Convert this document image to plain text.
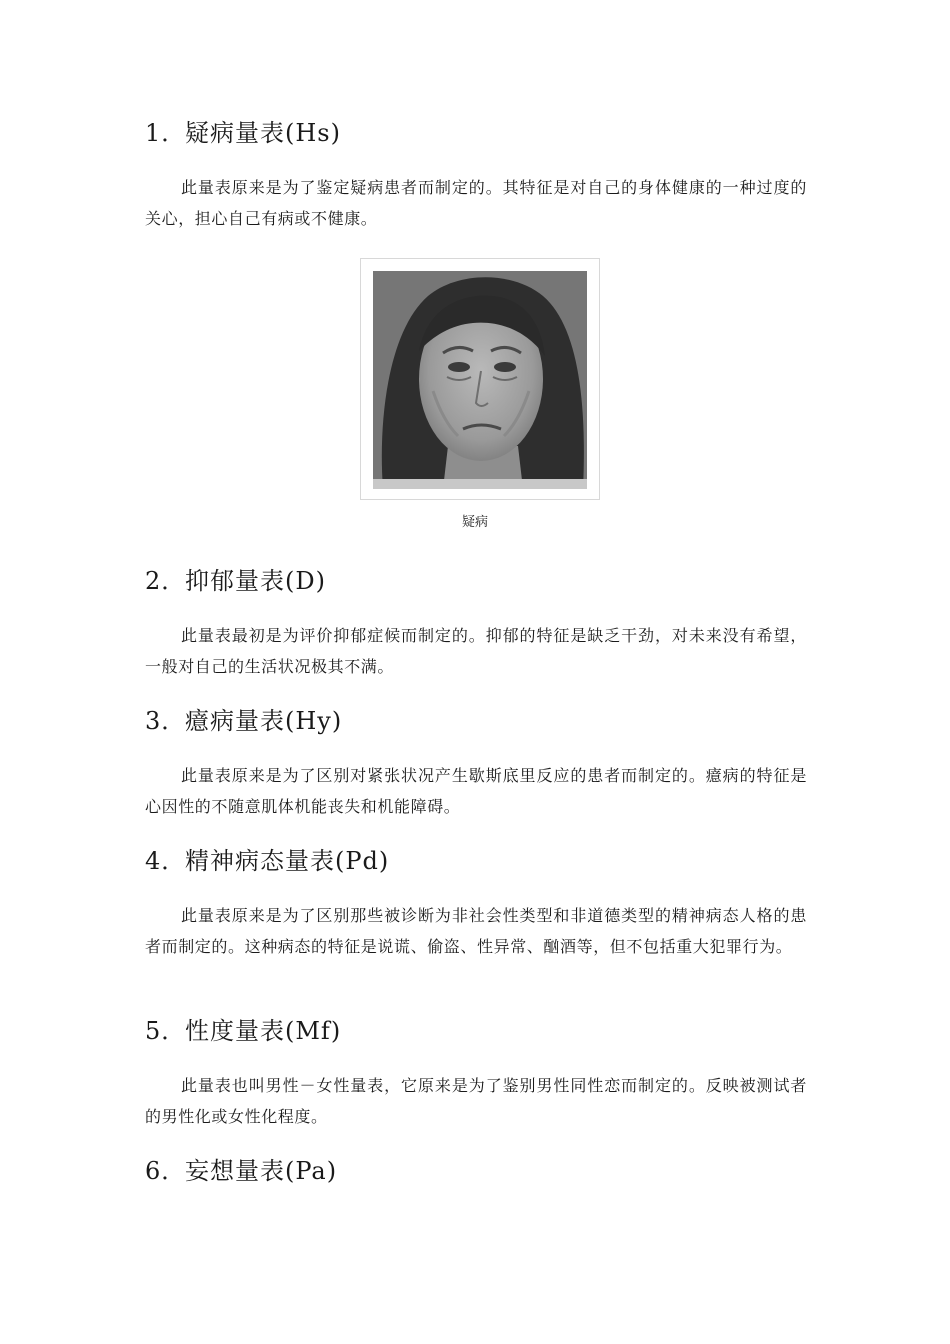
1．疑病量表(Hs)
此量表原来是为了鉴定疑病患者而制定的。其特征是对自己的身体健康的一种过度的关心，担心自己有病或不健康。
疑病
2．抑郁量表(D)
此量表最初是为评价抑郁症候而制定的。抑郁的特征是缺乏干劲，对未来没有希望，一般对自己的生活状况极其不满。
3．癔病量表(Hy)
此量表原来是为了区别对紧张状况产生歇斯底里反应的患者而制定的。癔病的特征是心因性的不随意肌体机能丧失和机能障碍。
4．精神病态量表(Pd)
此量表原来是为了区别那些被诊断为非社会性类型和非道德类型的精神病态人格的患者而制定的。这种病态的特征是说谎、偷盗、性异常、酗酒等，但不包括重大犯罪行为。
5．性度量表(Mf)
此量表也叫男性－女性量表，它原来是为了鉴别男性同性恋而制定的。反映被测试者的男性化或女性化程度。
6．妄想量表(Pa)
